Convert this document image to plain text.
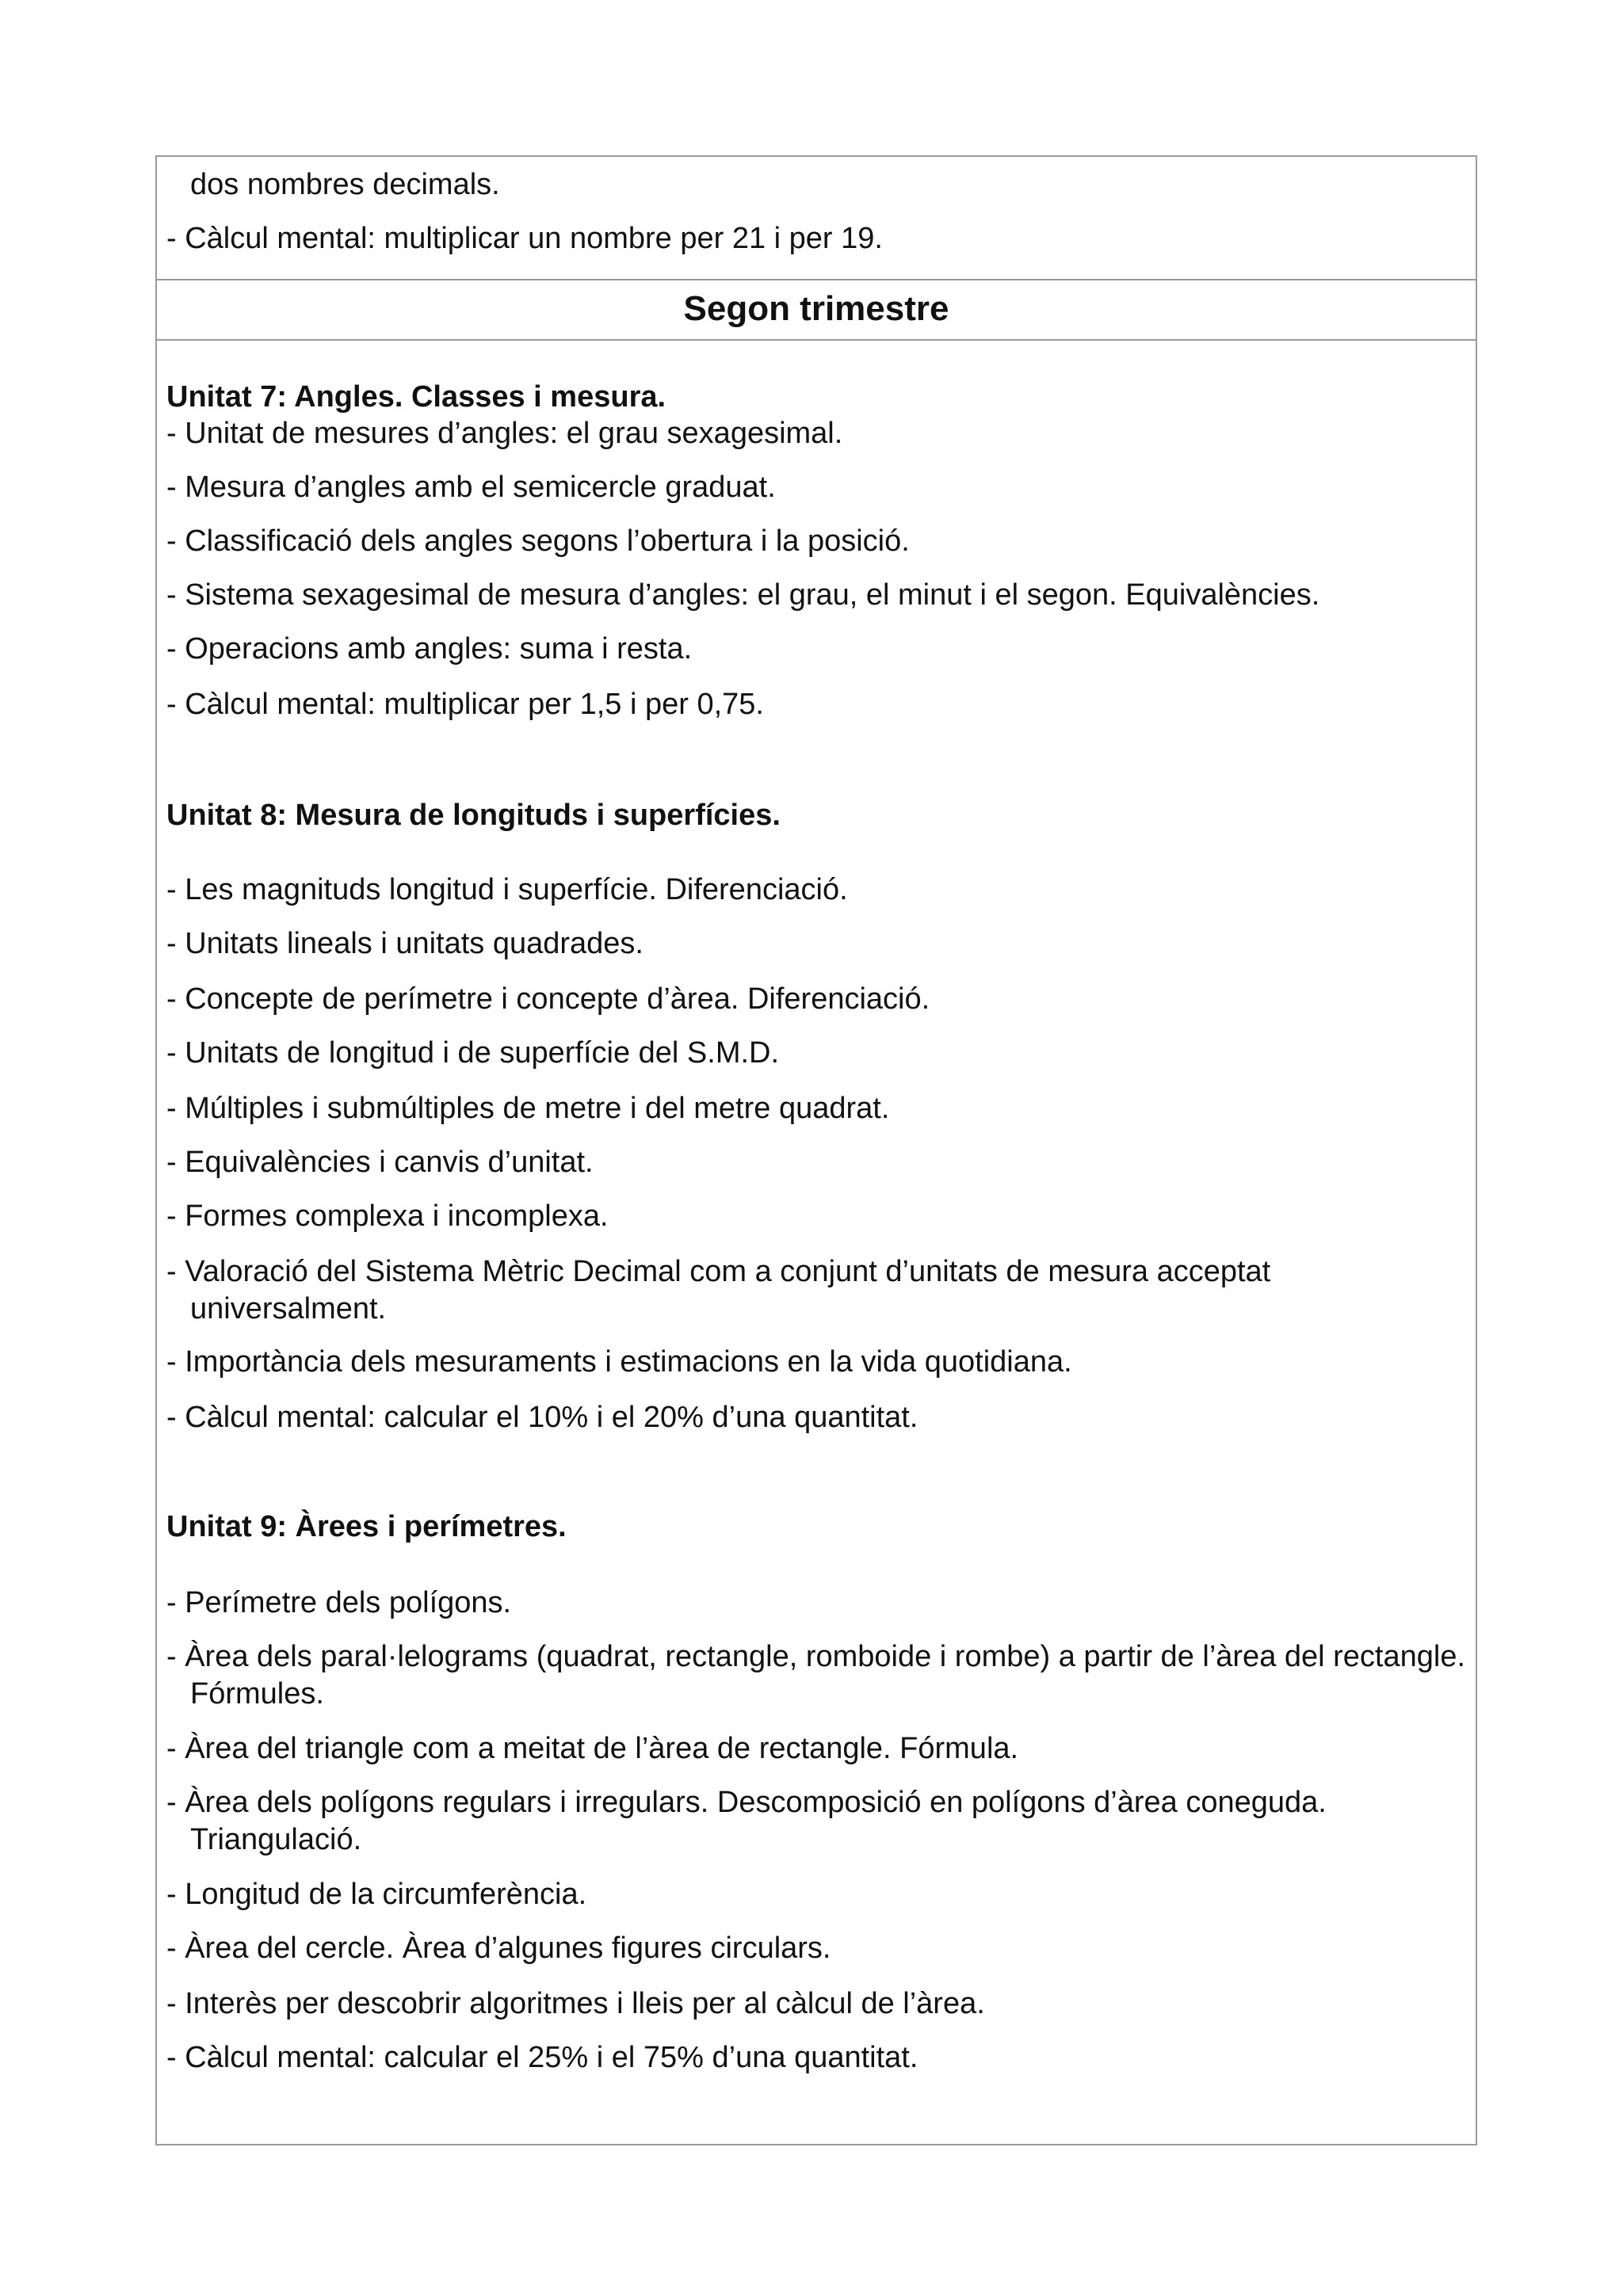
dos nombres decimals.
- Càlcul mental: multiplicar un nombre per 21 i per 19.
Segon trimestre
Unitat 7: Angles. Classes i mesura.
- Unitat de mesures d’angles: el grau sexagesimal.
- Mesura d’angles amb el semicercle graduat.
- Classificació dels angles segons l’obertura i la posició.
- Sistema sexagesimal de mesura d’angles: el grau, el minut i el segon. Equivalències.
- Operacions amb angles: suma i resta.
- Càlcul mental: multiplicar per 1,5 i per 0,75.
Unitat 8: Mesura de longituds i superfícies.
- Les magnituds longitud i superfície. Diferenciació.
- Unitats lineals i unitats quadrades.
- Concepte de perímetre i concepte d’àrea. Diferenciació.
- Unitats de longitud i de superfície del S.M.D.
- Múltiples i submúltiples de metre i del metre quadrat.
- Equivalències i canvis d’unitat.
- Formes complexa i incomplexa.
- Valoració del Sistema Mètric Decimal com a conjunt d’unitats de mesura acceptat universalment.
- Importància dels mesuraments i estimacions en la vida quotidiana.
- Càlcul mental: calcular el 10% i el 20% d’una quantitat.
Unitat 9: Àrees i perímetres.
- Perímetre dels polígons.
- Àrea dels paral·lelograms (quadrat, rectangle, romboide i rombe) a partir de l’àrea del rectangle. Fórmules.
- Àrea del triangle com a meitat de l’àrea de rectangle. Fórmula.
- Àrea dels polígons regulars i irregulars. Descomposició en polígons d’àrea coneguda. Triangulació.
- Longitud de la circumferència.
- Àrea del cercle. Àrea d’algunes figures circulars.
- Interès per descobrir algoritmes i lleis per al càlcul de l’àrea.
- Càlcul mental: calcular el 25% i el 75% d’una quantitat.
